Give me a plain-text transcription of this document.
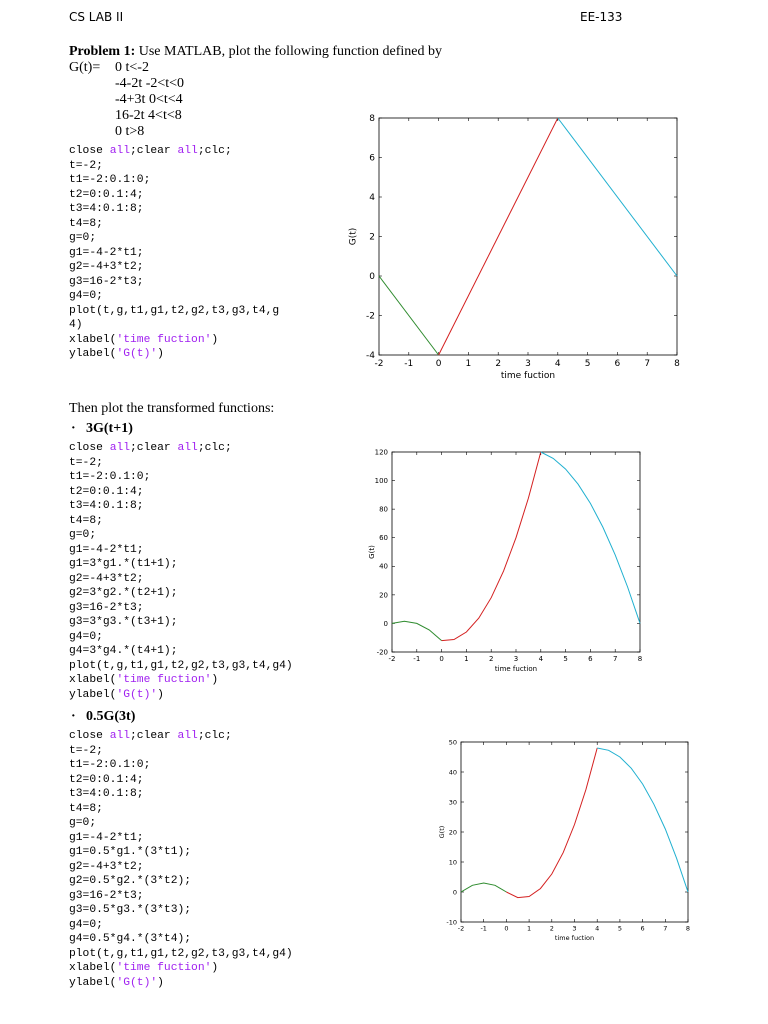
CS LAB II	EE-133
Problem 1: Use MATLAB, plot the following function defined by
G(t)= 0 t<-2
-4-2t -2<t<0
-4+3t 0<t<4
16-2t 4<t<8
0 t>8
close all;clear all;clc;
t=-2;
t1=-2:0.1:0;
t2=0:0.1:4;
t3=4:0.1:8;
t4=8;
g=0;
g1=-4-2*t1;
g2=-4+3*t2;
g3=16-2*t3;
g4=0;
plot(t,g,t1,g1,t2,g2,t3,g3,t4,g
4)
xlabel('time fuction')
ylabel('G(t)')
-2 -1 0	1	2	3	4	5	6	7	8
-4
-2
0
2
4
6
8
time fuction
G(t)
Then plot the transformed functions:
· 3G(t+1)
close all;clear all;clc;
t=-2;
t1=-2:0.1:0;
t2=0:0.1:4;
t3=4:0.1:8;
t4=8;
g=0;
g1=-4-2*t1;
g1=3*g1.*(t1+1);
g2=-4+3*t2;
g2=3*g2.*(t2+1);
g3=16-2*t3;
g3=3*g3.*(t3+1);
g4=0;
g4=3*g4.*(t4+1);
plot(t,g,t1,g1,t2,g2,t3,g3,t4,g4)
xlabel('time fuction')
ylabel('G(t)')
-2	-1	0	1	2	3	4	5	6	7	8
-20
0
20
40
60
80
100
120
time fuction
G(t)
· 0.5G(3t)
close all;clear all;clc;
t=-2;
t1=-2:0.1:0;
t2=0:0.1:4;
t3=4:0.1:8;
t4=8;
g=0;
g1=-4-2*t1;
g1=0.5*g1.*(3*t1);
g2=-4+3*t2;
g2=0.5*g2.*(3*t2);
g3=16-2*t3;
g3=0.5*g3.*(3*t3);
g4=0;
g4=0.5*g4.*(3*t4);
plot(t,g,t1,g1,t2,g2,t3,g3,t4,g4)
xlabel('time fuction')
ylabel('G(t)')
-2 -1	0	1	2	3	4	5	6	7	8
-10
0
10
20
30
40
50
time fuction
G(t)
